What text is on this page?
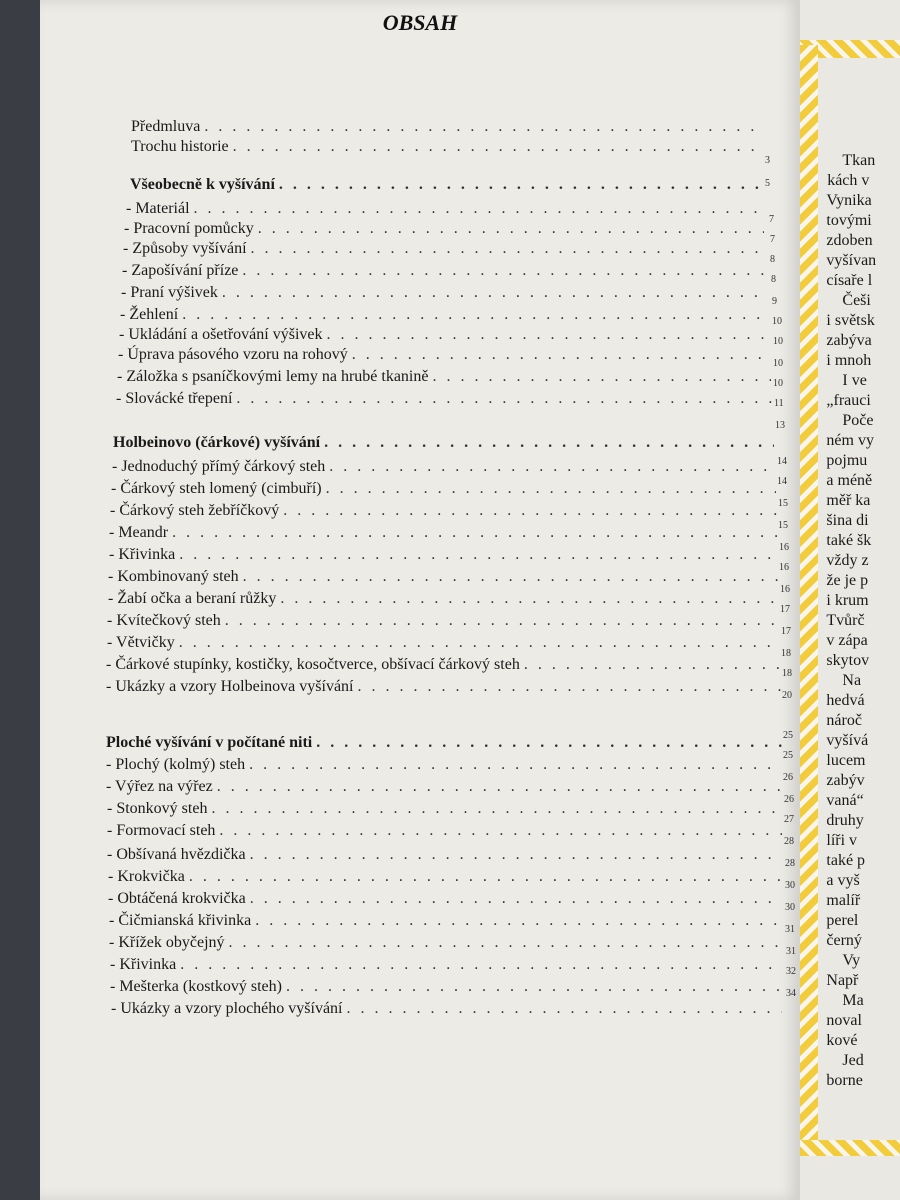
OBSAH
Předmluva
. . .
Trochu historie
. . .
Všeobecně k vyšívání
. . .
- Materiál
. . .
- Pracovní pomůcky
. . .
- Způsoby vyšívání
. . .
- Zapošívání příze
. . .
- Praní výšivek
. . .
- Žehlení
. . .
- Ukládání a ošetřování výšivek
. . .
- Úprava pásového vzoru na rohový
. . .
- Záložka s psaníčkovými lemy na hrubé tkanině
. . .
- Slovácké třepení
. . .
Holbeinovo (čárkové) vyšívání
. . .
- Jednoduchý přímý čárkový steh
. . .
- Čárkový steh lomený (cimbuří)
. . .
- Čárkový steh žebříčkový
. . .
- Meandr
. . .
- Křivinka
. . .
- Kombinovaný steh
. . .
- Žabí očka a beraní růžky
. . .
- Kvítečkový steh
. . .
- Větvičky
. . .
- Čárkové stupínky, kostičky, kosočtverce, obšívací čárkový steh
. . .
- Ukázky a vzory Holbeinova vyšívání
. . .
Ploché vyšívání v počítané niti
. . .
- Plochý (kolmý) steh
. . .
- Výřez na výřez
. . .
- Stonkový steh
. . .
- Formovací steh
. . .
- Obšívaná hvězdička
. . .
- Krokvička
. . .
- Obtáčená krokvička
. . .
- Čičmianská křivinka
. . .
- Křížek obyčejný
. . .
- Křivinka
. . .
- Mešterka (kostkový steh)
. . .
- Ukázky a vzory plochého vyšívání
. . .
3
5
7
7
8
8
9
10
10
10
10
11
13
14
14
15
15
16
16
16
17
17
18
18
20
25
25
26
26
27
28
28
30
30
31
31
32
34
Tkan
kách v
Vynika
tovými
zdoben
vyšívan
císaře l
Češi
i světsk
zabýva
i mnoh
I ve
„frauci
Poče
ném vy
pojmu
a méně
měř ka
šina di
také šk
vždy z
že je p
i krum
Tvůrč
v zápa
skytov
Na
hedvá
nároč
vyšívá
lucem
zabýv
vaná“
druhy
líři v
také p
a vyš
malíř
perel
černý
Vy
Např
Ma
noval
kové
Jed
borne
